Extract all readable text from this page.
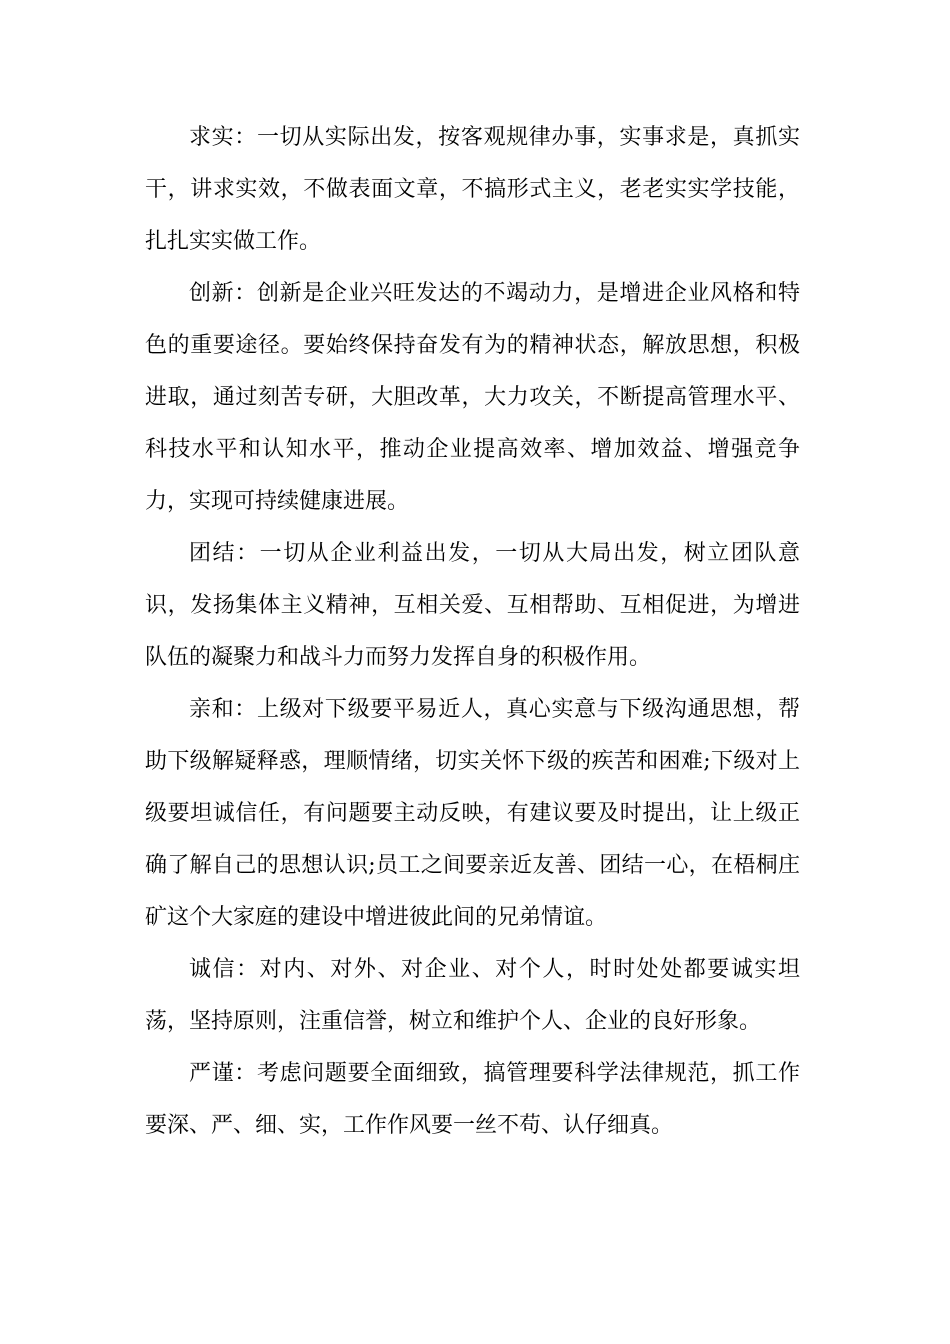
求实：一切从实际出发，按客观规律办事，实事求是，真抓实干，讲求实效，不做表面文章，不搞形式主义，老老实实学技能，扎扎实实做工作。

创新：创新是企业兴旺发达的不竭动力，是增进企业风格和特色的重要途径。要始终保持奋发有为的精神状态，解放思想，积极进取，通过刻苦专研，大胆改革，大力攻关，不断提高管理水平、科技水平和认知水平，推动企业提高效率、增加效益、增强竞争力，实现可持续健康进展。

团结：一切从企业利益出发，一切从大局出发，树立团队意识，发扬集体主义精神，互相关爱、互相帮助、互相促进，为增进队伍的凝聚力和战斗力而努力发挥自身的积极作用。

亲和：上级对下级要平易近人，真心实意与下级沟通思想，帮助下级解疑释惑，理顺情绪，切实关怀下级的疾苦和困难;下级对上级要坦诚信任，有问题要主动反映，有建议要及时提出，让上级正确了解自己的思想认识;员工之间要亲近友善、团结一心，在梧桐庄矿这个大家庭的建设中增进彼此间的兄弟情谊。

诚信：对内、对外、对企业、对个人，时时处处都要诚实坦荡，坚持原则，注重信誉，树立和维护个人、企业的良好形象。

严谨：考虑问题要全面细致，搞管理要科学法律规范，抓工作要深、严、细、实，工作作风要一丝不苟、认仔细真。
